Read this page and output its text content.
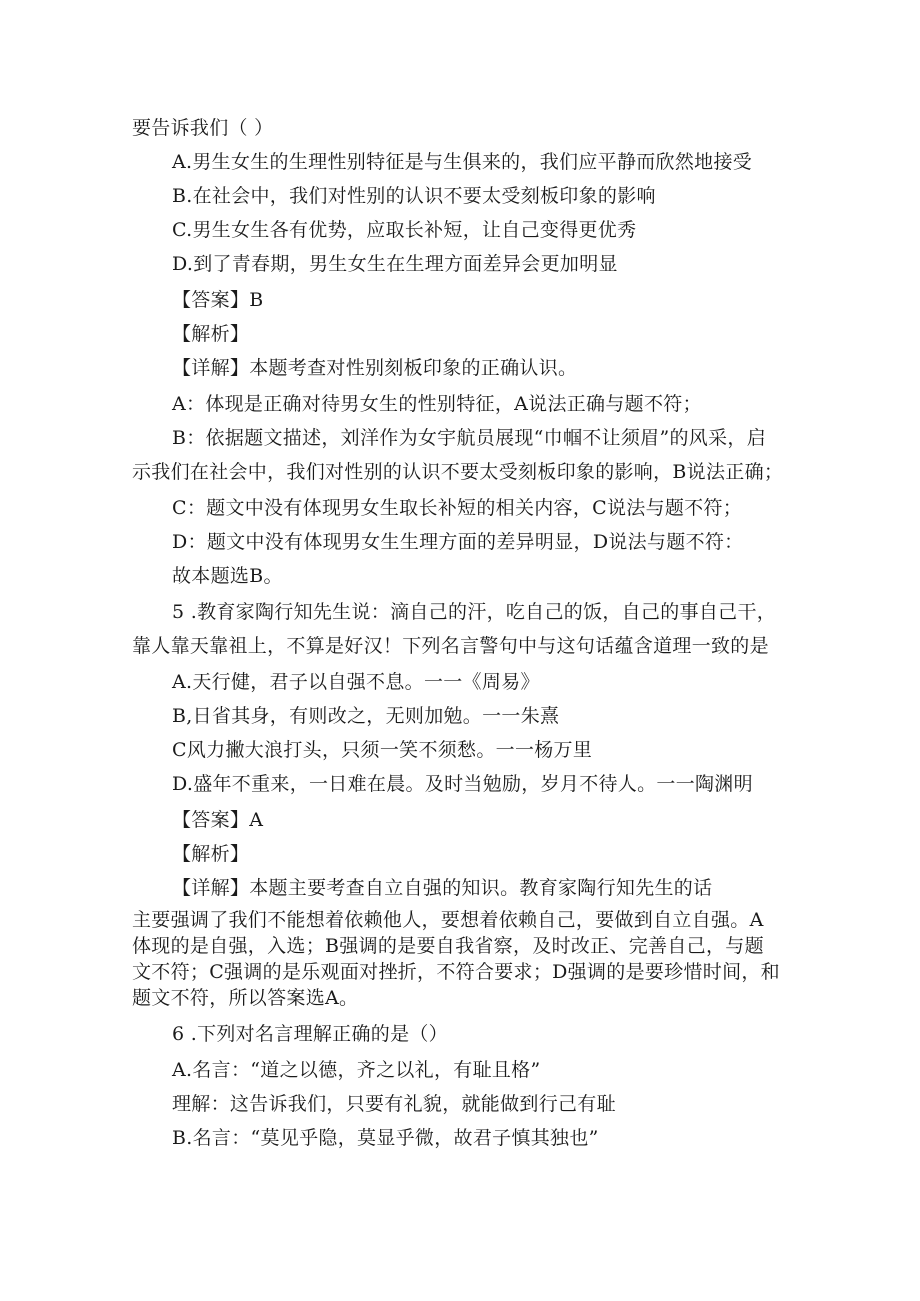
要告诉我们（ ）
A.男生女生的生理性别特征是与生俱来的，我们应平静而欣然地接受
B.在社会中，我们对性别的认识不要太受刻板印象的影响
C.男生女生各有优势，应取长补短，让自己变得更优秀
D.到了青春期，男生女生在生理方面差异会更加明显
【答案】B
【解析】
【详解】本题考查对性别刻板印象的正确认识。
A：体现是正确对待男女生的性别特征，A说法正确与题不符；
B：依据题文描述，刘洋作为女宇航员展现“巾帼不让须眉”的风采，启
示我们在社会中，我们对性别的认识不要太受刻板印象的影响，B说法正确；
C：题文中没有体现男女生取长补短的相关内容，C说法与题不符；
D：题文中没有体现男女生生理方面的差异明显，D说法与题不符：
故本题选B。
5 .教育家陶行知先生说：滴自己的汗，吃自己的饭，自己的事自己干，
靠人靠天靠祖上，不算是好汉！下列名言警句中与这句话蕴含道理一致的是
A.天行健，君子以自强不息。一一《周易》
B,日省其身，有则改之，无则加勉。一一朱熹
C风力撇大浪打头，只须一笑不须愁。一一杨万里
D.盛年不重来，一日难在晨。及时当勉励，岁月不待人。一一陶渊明
【答案】A
【解析】
【详解】本题主要考查自立自强的知识。教育家陶行知先生的话
主要强调了我们不能想着依赖他人，要想着依赖自己，要做到自立自强。A
体现的是自强，入选；B强调的是要自我省察，及时改正、完善自己，与题
文不符；C强调的是乐观面对挫折，不符合要求；D强调的是要珍惜时间，和
题文不符，所以答案选A。
6 .下列对名言理解正确的是（）
A.名言：“道之以德，齐之以礼，有耻且格”
理解：这告诉我们，只要有礼貌，就能做到行己有耻
B.名言：“莫见乎隐，莫显乎微，故君子慎其独也”
